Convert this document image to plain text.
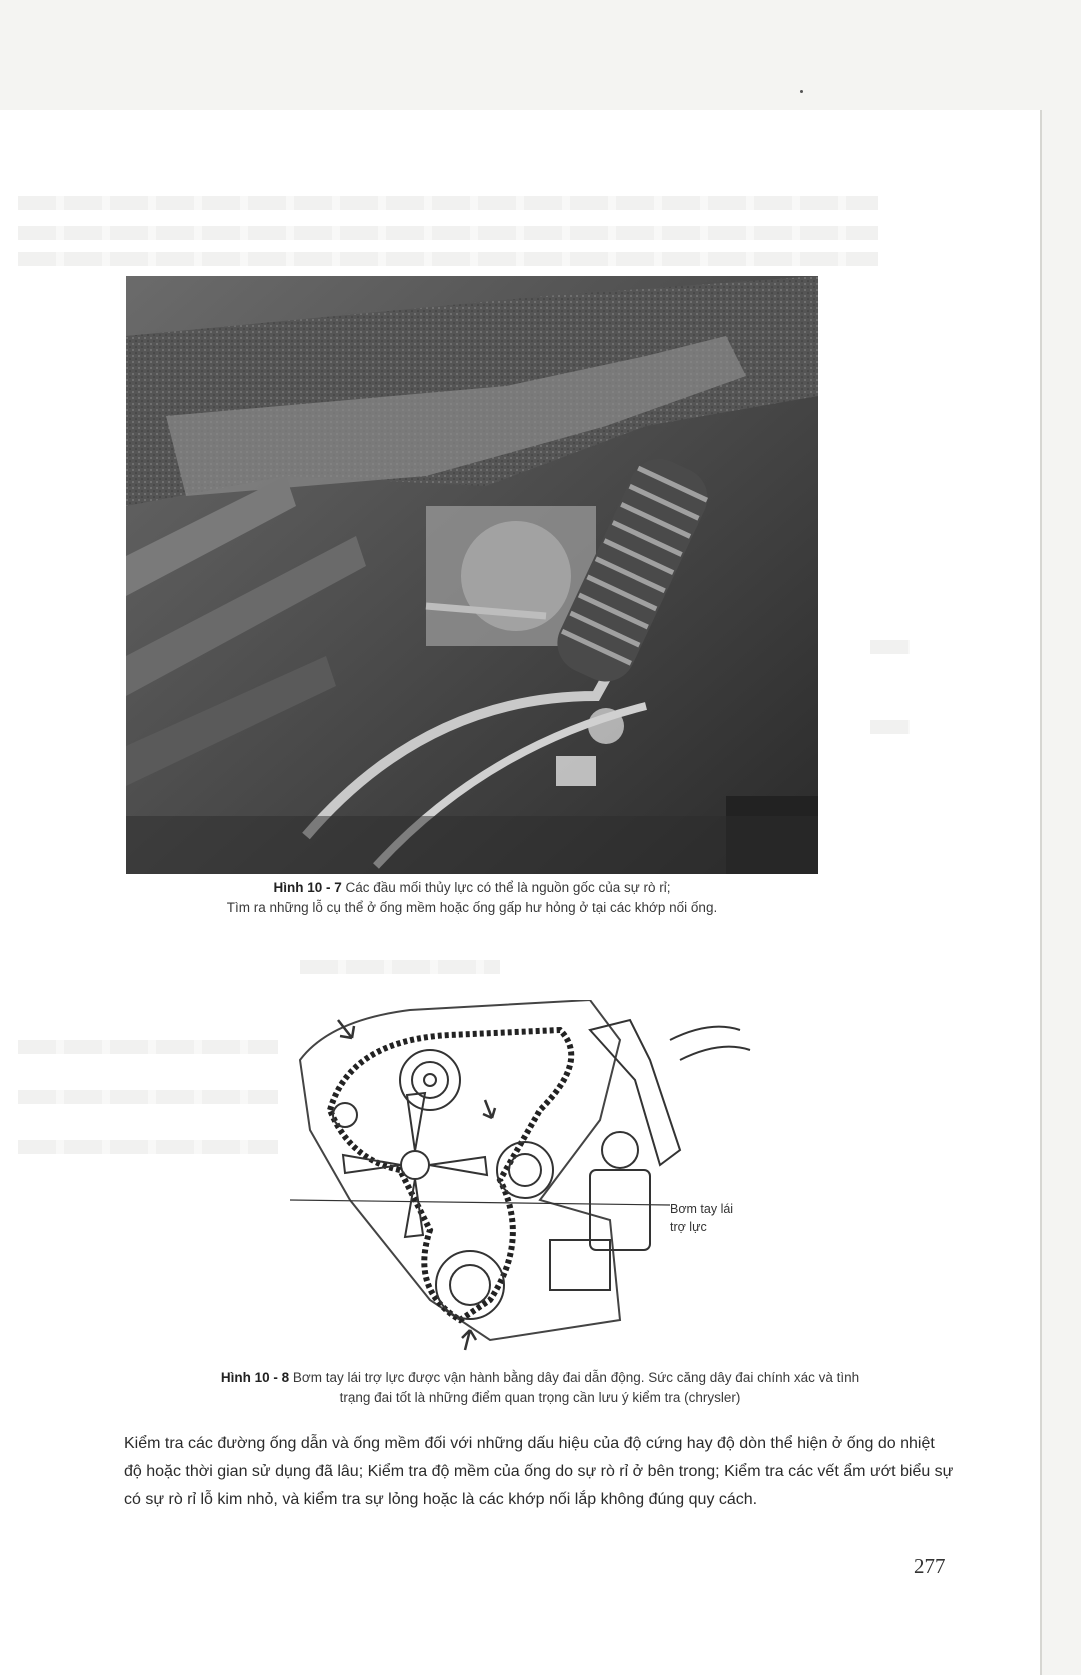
Hình 10 - 7 Các đầu mối thủy lực có thể là nguồn gốc của sự rò rỉ;
Tìm ra những lỗ cụ thể ở ống mềm hoặc ống gấp hư hỏng ở tại các khớp nối ống.
Bơm tay lái
trợ lực
Hình 10 - 8 Bơm tay lái trợ lực được vận hành bằng dây đai dẫn động. Sức căng dây đai chính xác và tình
trạng đai tốt là những điểm quan trọng cần lưu ý kiểm tra (chrysler)
Kiểm tra các đường ống dẫn và ống mềm đối với những dấu hiệu của độ cứng hay độ dòn thể hiện ở ống do nhiệt độ hoặc thời gian sử dụng đã lâu; Kiểm tra độ mềm của ống do sự rò rỉ ở bên trong; Kiểm tra các vết ẩm ướt biểu sự có sự rò rỉ lỗ kim nhỏ, và kiểm tra sự lỏng hoặc là các khớp nối lắp không đúng quy cách.
277
